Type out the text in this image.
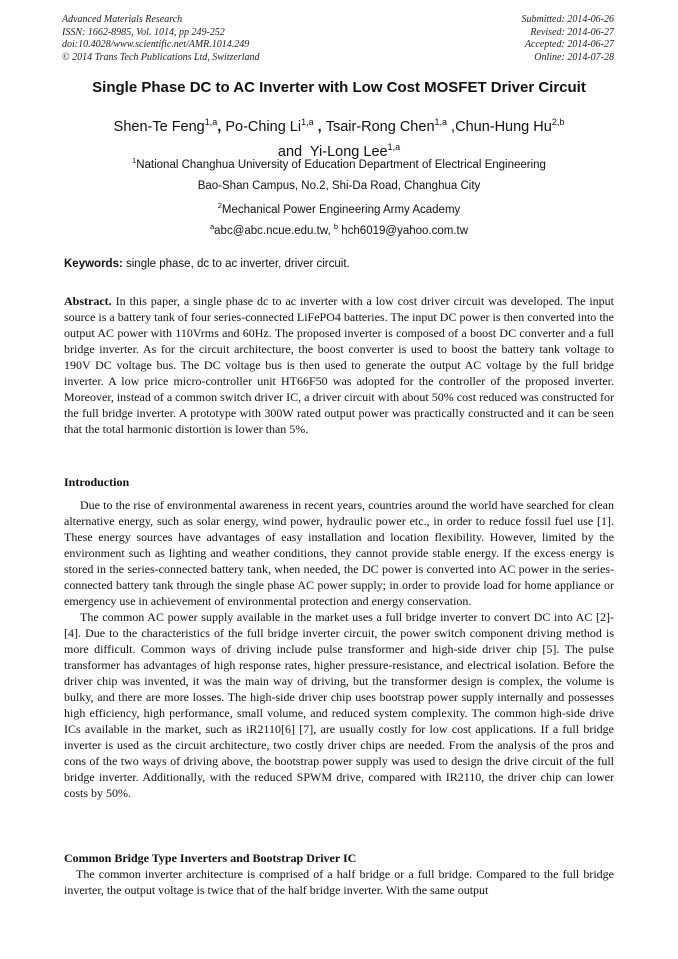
Advanced Materials Research
ISSN: 1662-8985, Vol. 1014, pp 249-252
doi:10.4028/www.scientific.net/AMR.1014.249
© 2014 Trans Tech Publications Ltd, Switzerland
Submitted: 2014-06-26
Revised: 2014-06-27
Accepted: 2014-06-27
Online: 2014-07-28
Single Phase DC to AC Inverter with Low Cost MOSFET Driver Circuit
Shen-Te Feng$^{1,a}$, Po-Ching Li$^{1,a}$ , Tsair-Rong Chen$^{1,a}$ ,Chun-Hung Hu$^{2,b}$
and Yi-Long Lee$^{1,a}$
$^1$National Changhua University of Education Department of Electrical Engineering
Bao-Shan Campus, No.2, Shi-Da Road, Changhua City
$^2$Mechanical Power Engineering Army Academy
$^a$abc@abc.ncue.edu.tw, $^b$ hch6019@yahoo.com.tw
Keywords: single phase, dc to ac inverter, driver circuit.

Abstract. In this paper, a single phase dc to ac inverter with a low cost driver circuit was developed. The input source is a battery tank of four series-connected LiFePO4 batteries. The input DC power is then converted into the output AC power with 110Vrms and 60Hz. The proposed inverter is composed of a boost DC converter and a full bridge inverter. As for the circuit architecture, the boost converter is used to boost the battery tank voltage to 190V DC voltage bus. The DC voltage bus is then used to generate the output AC voltage by the full bridge inverter. A low price micro-controller unit HT66F50 was adopted for the controller of the proposed inverter. Moreover, instead of a common switch driver IC, a driver circuit with about 50% cost reduced was constructed for the full bridge inverter. A prototype with 300W rated output power was practically constructed and it can be seen that the total harmonic distortion is lower than 5%.

Introduction

Due to the rise of environmental awareness in recent years, countries around the world have searched for clean alternative energy, such as solar energy, wind power, hydraulic power etc., in order to reduce fossil fuel use [1]. These energy sources have advantages of easy installation and location flexibility. However, limited by the environment such as lighting and weather conditions, they cannot provide stable energy. If the excess energy is stored in the series-connected battery tank, when needed, the DC power is converted into AC power in the series-connected battery tank through the single phase AC power supply; in order to provide load for home appliance or emergency use in achievement of environmental protection and energy conservation.

The common AC power supply available in the market uses a full bridge inverter to convert DC into AC [2]-[4]. Due to the characteristics of the full bridge inverter circuit, the power switch component driving method is more difficult. Common ways of driving include pulse transformer and high-side driver chip [5]. The pulse transformer has advantages of high response rates, higher pressure-resistance, and electrical isolation. Before the driver chip was invented, it was the main way of driving, but the transformer design is complex, the volume is bulky, and there are more losses. The high-side driver chip uses bootstrap power supply internally and possesses high efficiency, high performance, small volume, and reduced system complexity. The common high-side drive ICs available in the market, such as iR2110[6] [7], are usually costly for low cost applications. If a full bridge inverter is used as the circuit architecture, two costly driver chips are needed. From the analysis of the pros and cons of the two ways of driving above, the bootstrap power supply was used to design the drive circuit of the full bridge inverter. Additionally, with the reduced SPWM drive, compared with IR2110, the driver chip can lower costs by 50%.

Common Bridge Type Inverters and Bootstrap Driver IC

The common inverter architecture is comprised of a half bridge or a full bridge. Compared to the full bridge inverter, the output voltage is twice that of the half bridge inverter. With the same output
